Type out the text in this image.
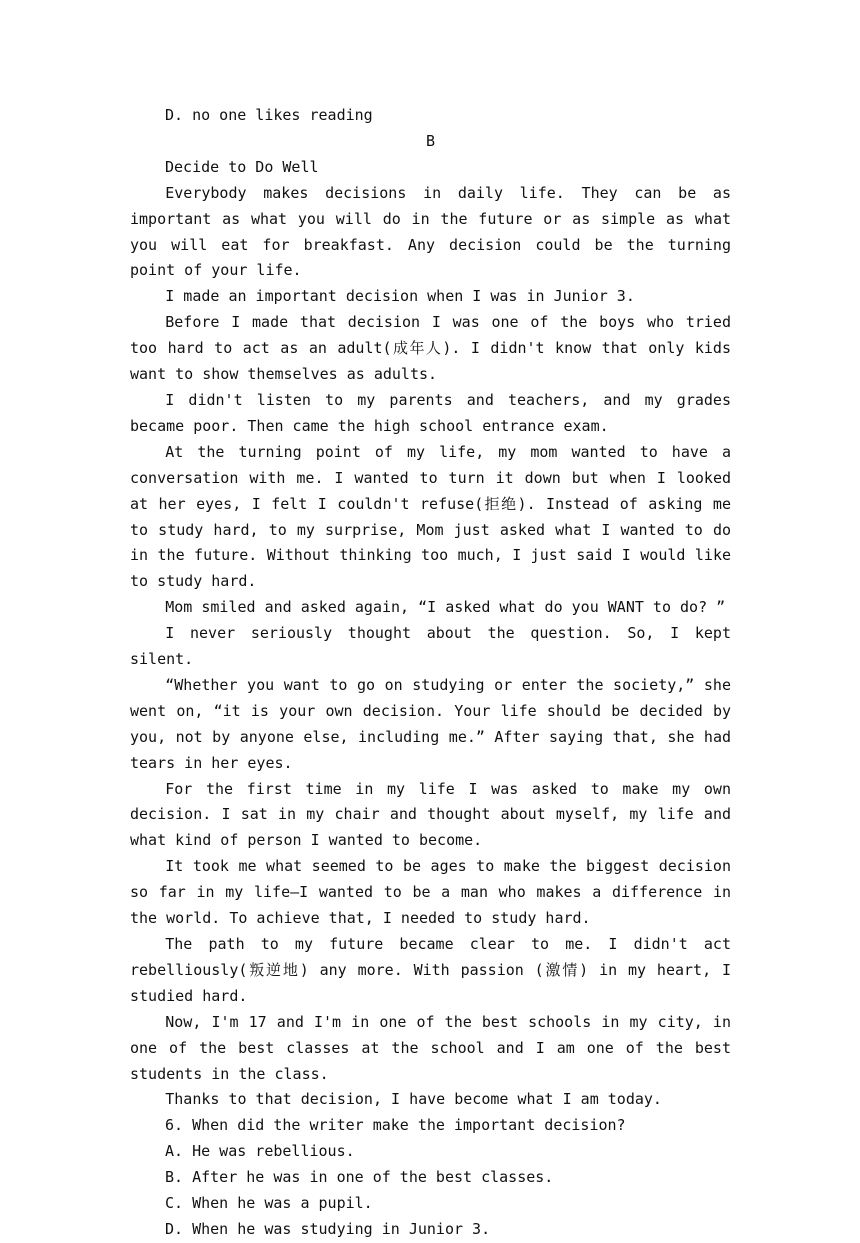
D. no one likes reading

B

Decide to Do Well

Everybody makes decisions in daily life. They can be as important as what you will do in the future or as simple as what you will eat for breakfast. Any decision could be the turning point of your life.

I made an important decision when I was in Junior 3.

Before I made that decision I was one of the boys who tried too hard to act as an adult(成年人). I didn't know that only kids want to show themselves as adults.

I didn't listen to my parents and teachers, and my grades became poor. Then came the high school entrance exam.

At the turning point of my life, my mom wanted to have a conversation with me. I wanted to turn it down but when I looked at her eyes, I felt I couldn't refuse(拒绝). Instead of asking me to study hard, to my surprise, Mom just asked what I wanted to do in the future. Without thinking too much, I just said I would like to study hard.

Mom smiled and asked again, “I asked what do you WANT to do? ”

I never seriously thought about the question. So, I kept silent.

“Whether you want to go on studying or enter the society,” she went on, “it is your own decision. Your life should be decided by you, not by anyone else, including me.” After saying that, she had tears in her eyes.

For the first time in my life I was asked to make my own decision. I sat in my chair and thought about myself, my life and what kind of person I wanted to become.

It took me what seemed to be ages to make the biggest decision so far in my life—I wanted to be a man who makes a difference in the world. To achieve that, I needed to study hard.

The path to my future became clear to me. I didn't act rebelliously(叛逆地) any more. With passion (激情) in my heart, I studied hard.

Now, I'm 17 and I'm in one of the best schools in my city, in one of the best classes at the school and I am one of the best students in the class.

Thanks to that decision, I have become what I am today.

6. When did the writer make the important decision?

A. He was rebellious.

B. After he was in one of the best classes.

C. When he was a pupil.

D. When he was studying in Junior 3.
